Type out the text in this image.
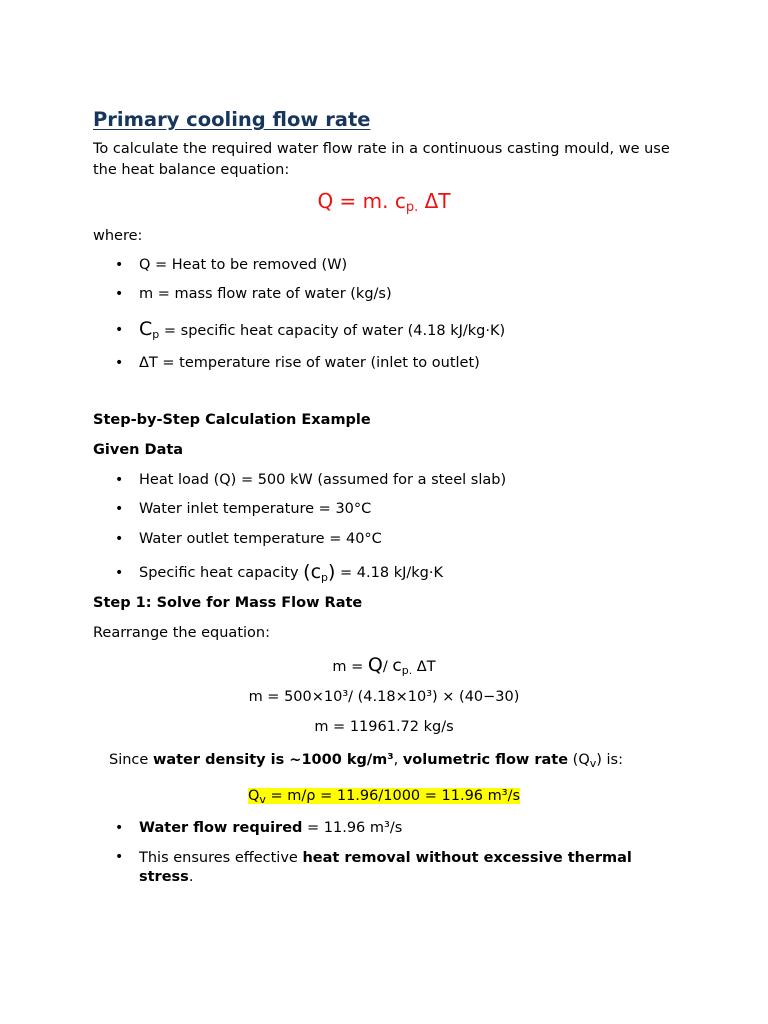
Primary cooling flow rate
To calculate the required water flow rate in a continuous casting mould, we use the heat balance equation:
Q = m. $c_{p.}$ ΔT
where:
• Q = Heat to be removed (W)
• m = mass flow rate of water (kg/s)
• $C_p$ = specific heat capacity of water (4.18 kJ/kg·K)
• ΔT = temperature rise of water (inlet to outlet)
Step-by-Step Calculation Example
Given Data
• Heat load (Q) = 500 kW (assumed for a steel slab)
• Water inlet temperature = 30°C
• Water outlet temperature = 40°C
• Specific heat capacity $(c_p) = 4.18$ kJ/kg·K
Step 1: Solve for Mass Flow Rate
Rearrange the equation:
m = Q/ $c_{p.}$ ΔT
m = 500×10³/ (4.18×10³) × (40−30)
m = 11961.72 kg/s
Since water density is ~1000 kg/m³, volumetric flow rate $(Q_v)$ is:
$Q_v = m/\rho = 11.96/1000 = 11.96$ m³/s
• Water flow required = 11.96 m³/s
• This ensures effective heat removal without excessive thermal stress.
